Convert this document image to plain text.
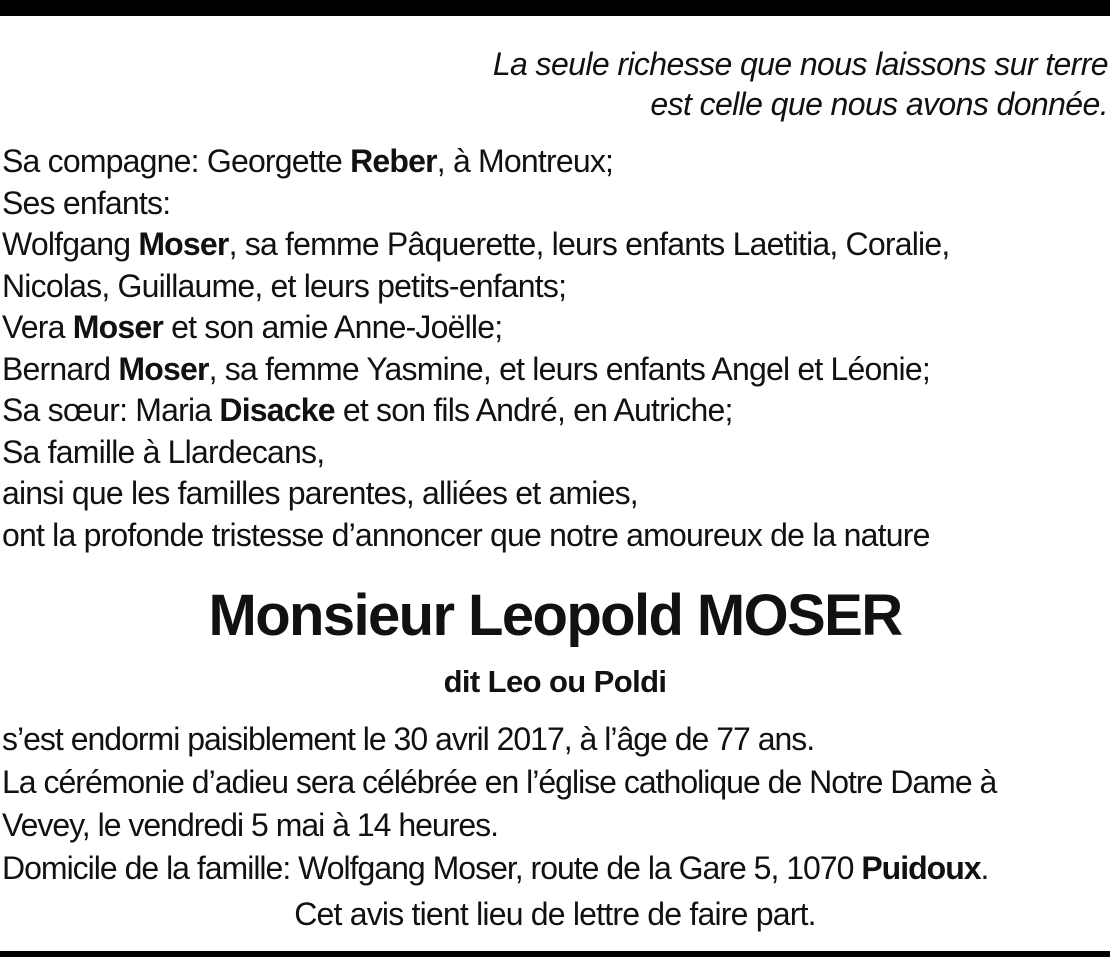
La seule richesse que nous laissons sur terre
est celle que nous avons donnée.
Sa compagne: Georgette Reber, à Montreux;
Ses enfants:
Wolfgang Moser, sa femme Pâquerette, leurs enfants Laetitia, Coralie,
Nicolas, Guillaume, et leurs petits-enfants;
Vera Moser et son amie Anne-Joëlle;
Bernard Moser, sa femme Yasmine, et leurs enfants Angel et Léonie;
Sa sœur: Maria Disacke et son fils André, en Autriche;
Sa famille à Llardecans,
ainsi que les familles parentes, alliées et amies,
ont la profonde tristesse d’annoncer que notre amoureux de la nature
Monsieur Leopold MOSER
dit Leo ou Poldi
s’est endormi paisiblement le 30 avril 2017, à l’âge de 77 ans.
La cérémonie d’adieu sera célébrée en l’église catholique de Notre Dame à
Vevey, le vendredi 5 mai à 14 heures.
Domicile de la famille: Wolfgang Moser, route de la Gare 5, 1070 Puidoux.
Cet avis tient lieu de lettre de faire part.
